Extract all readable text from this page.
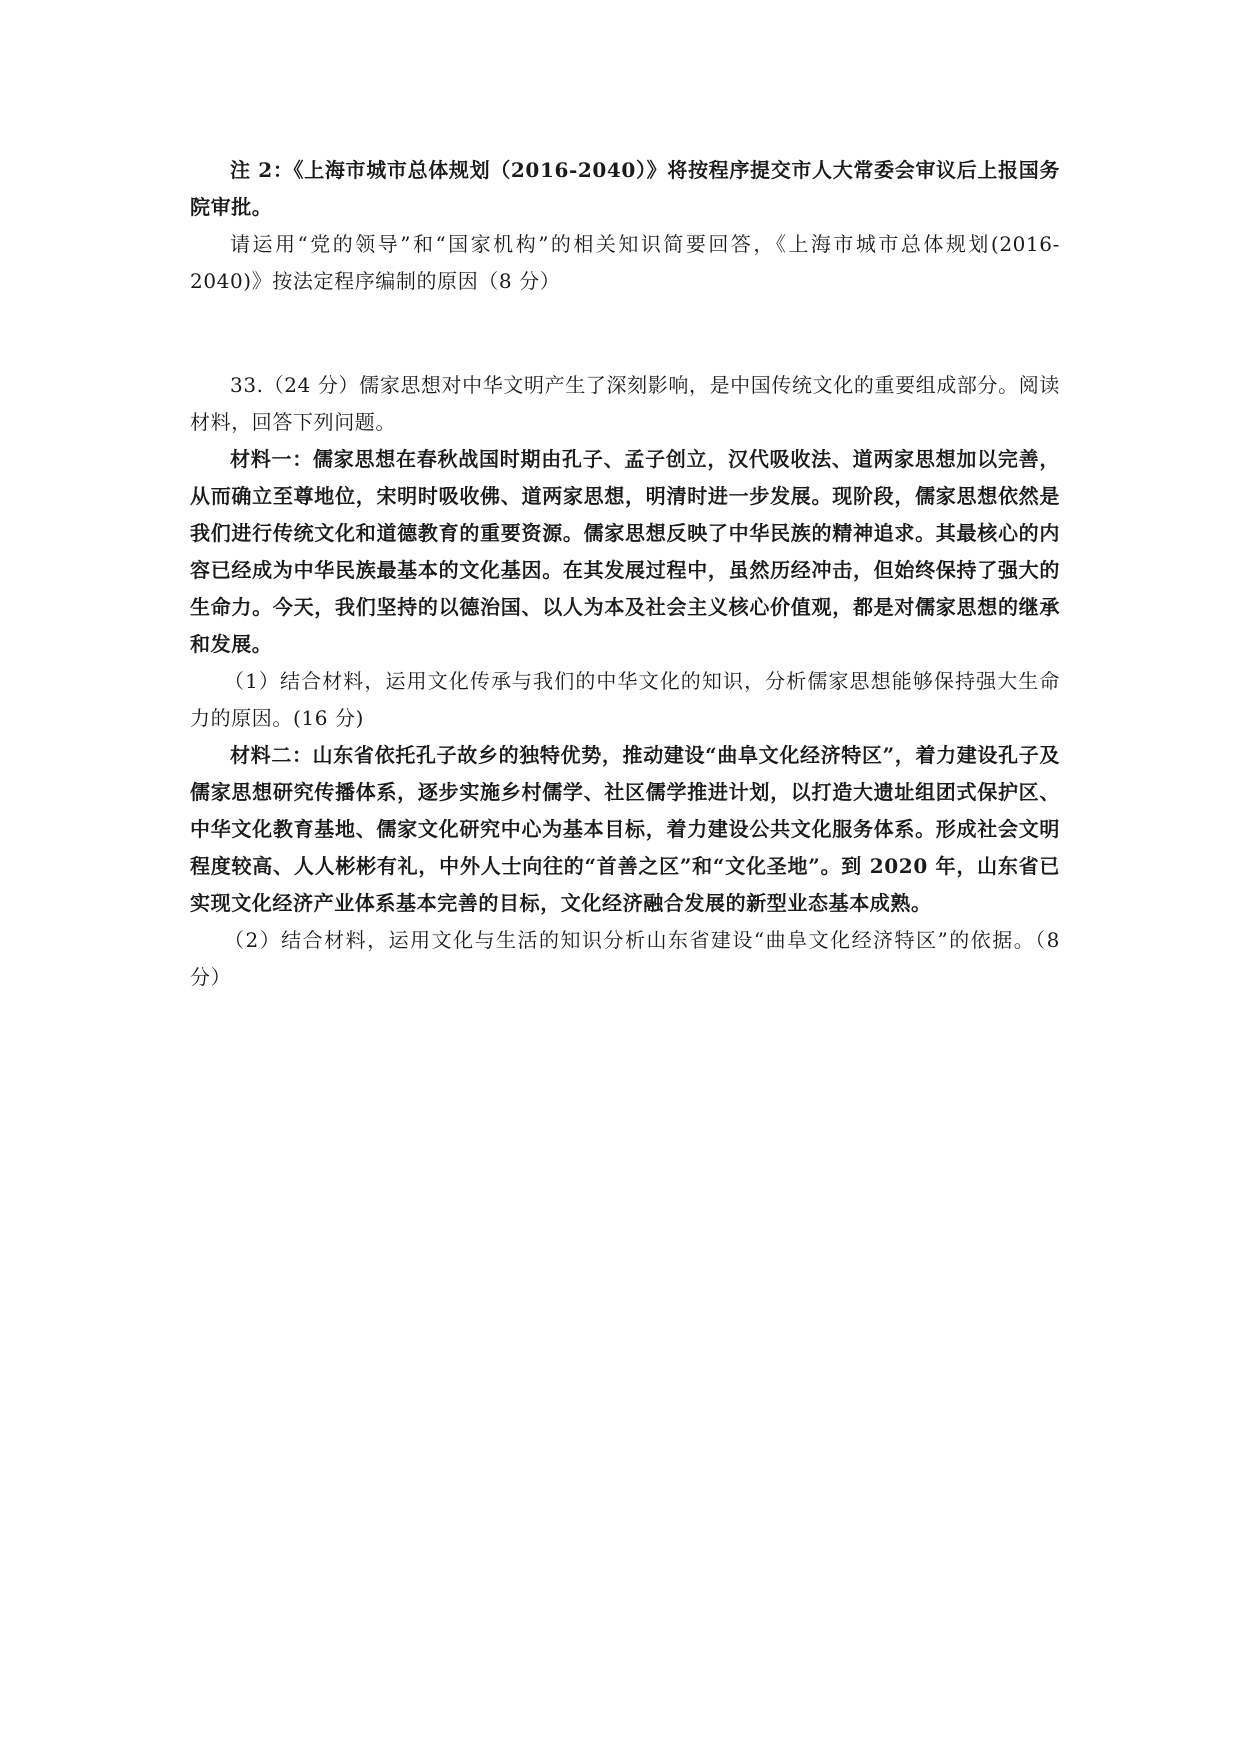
注 2：《上海市城市总体规划（2016-2040）》将按程序提交市人大常委会审议后上报国务院审批。

请运用“党的领导”和“国家机构”的相关知识简要回答，《上海市城市总体规划(2016-2040)》按法定程序编制的原因（8 分）

33.（24 分）儒家思想对中华文明产生了深刻影响，是中国传统文化的重要组成部分。阅读材料，回答下列问题。

材料一：儒家思想在春秋战国时期由孔子、孟子创立，汉代吸收法、道两家思想加以完善，从而确立至尊地位，宋明时吸收佛、道两家思想，明清时进一步发展。现阶段，儒家思想依然是我们进行传统文化和道德教育的重要资源。儒家思想反映了中华民族的精神追求。其最核心的内容已经成为中华民族最基本的文化基因。在其发展过程中，虽然历经冲击，但始终保持了强大的生命力。今天，我们坚持的以德治国、以人为本及社会主义核心价值观，都是对儒家思想的继承和发展。

（1）结合材料，运用文化传承与我们的中华文化的知识，分析儒家思想能够保持强大生命力的原因。(16 分)

材料二：山东省依托孔子故乡的独特优势，推动建设“曲阜文化经济特区”，着力建设孔子及儒家思想研究传播体系，逐步实施乡村儒学、社区儒学推进计划，以打造大遗址组团式保护区、中华文化教育基地、儒家文化研究中心为基本目标，着力建设公共文化服务体系。形成社会文明程度较高、人人彬彬有礼，中外人士向往的“首善之区”和“文化圣地”。到 2020 年，山东省已实现文化经济产业体系基本完善的目标，文化经济融合发展的新型业态基本成熟。

（2）结合材料，运用文化与生活的知识分析山东省建设“曲阜文化经济特区”的依据。（8 分）
